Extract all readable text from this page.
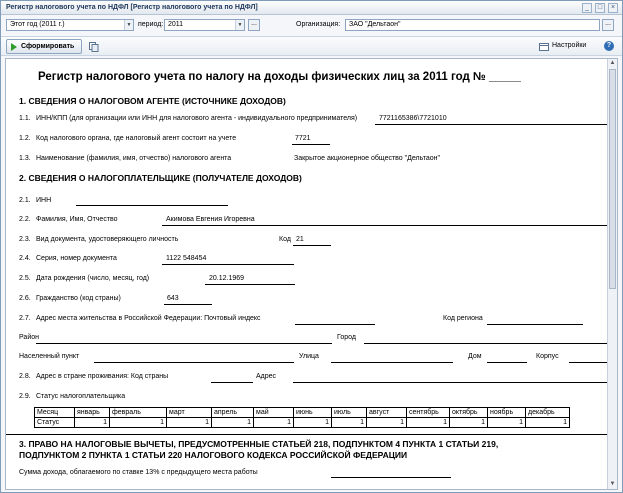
Регистр налогового учета по НДФЛ [Регистр налогового учета по НДФЛ]	_	□	×
Этот год (2011 г.)	▼ период: 2011	▼	...	Организация:	ЗАО "Дельтаон"	...
Сформировать	Настройки	?
Регистр налогового учета по налогу на доходы физических лиц за 2011 год № _____
1. СВЕДЕНИЯ О НАЛОГОВОМ АГЕНТЕ (ИСТОЧНИКЕ ДОХОДОВ)
1.1. ИНН/КПП (для организации или ИНН для налогового агента - индивидуального предпринимателя)	7721165386\7721010
1.2. Код налогового органа, где налоговый агент состоит на учете	7721
1.3. Наименование (фамилия, имя, отчество) налогового агента	Закрытое акционерное общество "Дельтаон"
2. СВЕДЕНИЯ О НАЛОГОПЛАТЕЛЬЩИКЕ (ПОЛУЧАТЕЛЕ ДОХОДОВ)
2.1. ИНН
2.2. Фамилия, Имя, Отчество	Акимова Евгения Игоревна
2.3. Вид документа, удостоверяющего личность	Код 21
2.4. Серия, номер документа	1122 548454
2.5. Дата рождения (число, месяц, год)	20.12.1969
2.6. Гражданство (код страны)	643
2.7. Адрес места жительства в Российской Федерации: Почтовый индекс	Код региона
Район	Город
Населенный пункт	Улица	Дом	Корпус
2.8. Адрес в стране проживания: Код страны	Адрес
2.9. Статус налогоплательщика
Месяц	январь	февраль	март	апрель	май	июнь	июль	август	сентябрь	октябрь	ноябрь	декабрь
Статус	1	1	1	1	1	1	1	1	1	1	1	1
3. ПРАВО НА НАЛОГОВЫЕ ВЫЧЕТЫ, ПРЕДУСМОТРЕННЫЕ СТАТЬЕЙ 218, ПОДПУНКТОМ 4 ПУНКТА 1 СТАТЬИ 219,
ПОДПУНКТОМ 2 ПУНКТА 1 СТАТЬИ 220 НАЛОГОВОГО КОДЕКСА РОССИЙСКОЙ ФЕДЕРАЦИИ
Сумма дохода, облагаемого по ставке 13% с предыдущего места работы
▲
▼
